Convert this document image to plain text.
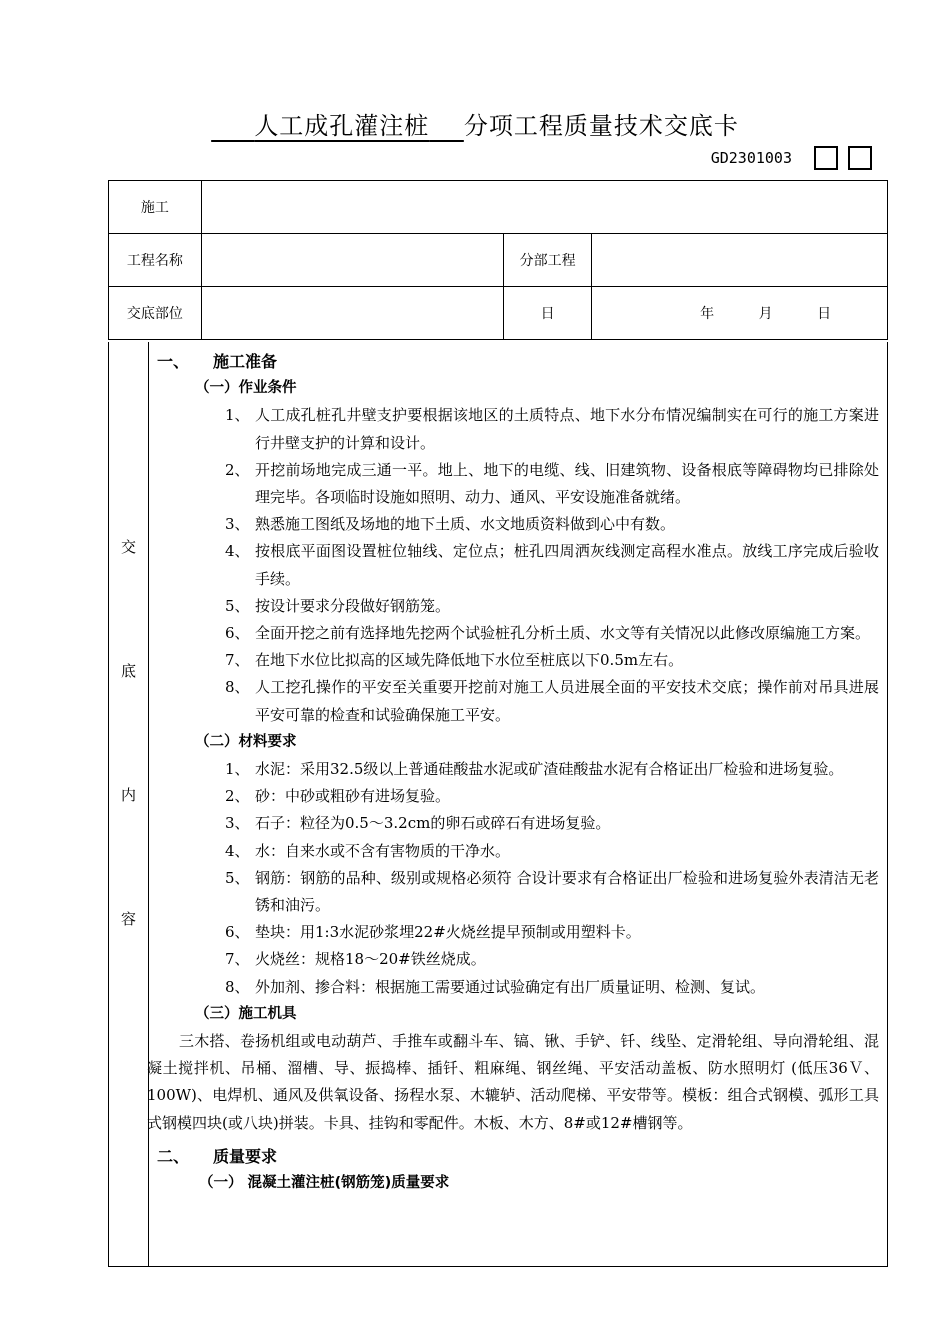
人工成孔灌注桩 分项工程质量技术交底卡
GD2301003
施工			
工程名称		分部工程	
交底部位		日	年          月          日
交
底
内
容
一、 施工准备
（一）作业条件
1、 人工成孔桩孔井壁支护要根据该地区的土质特点、地下水分布情况编制实在可行的施工方案进行井壁支护的计算和设计。
2、 开挖前场地完成三通一平。地上、地下的电缆、线、旧建筑物、设备根底等障碍物均已排除处理完毕。各项临时设施如照明、动力、通风、平安设施准备就绪。
3、 熟悉施工图纸及场地的地下土质、水文地质资料做到心中有数。
4、 按根底平面图设置桩位轴线、定位点；桩孔四周洒灰线测定高程水准点。放线工序完成后验收手续。
5、 按设计要求分段做好钢筋笼。
6、 全面开挖之前有选择地先挖两个试验桩孔分析土质、水文等有关情况以此修改原编施工方案。
7、 在地下水位比拟高的区域先降低地下水位至桩底以下0.5m左右。
8、 人工挖孔操作的平安至关重要开挖前对施工人员进展全面的平安技术交底；操作前对吊具进展平安可靠的检查和试验确保施工平安。
（二）材料要求
1、 水泥：采用32.5级以上普通硅酸盐水泥或矿渣硅酸盐水泥有合格证出厂检验和进场复验。
2、 砂：中砂或粗砂有进场复验。
3、 石子：粒径为0.5～3.2cm的卵石或碎石有进场复验。
4、 水：自来水或不含有害物质的干净水。
5、 钢筋：钢筋的品种、级别或规格必须符 合设计要求有合格证出厂检验和进场复验外表清洁无老锈和油污。
6、 垫块：用1:3水泥砂浆埋22#火烧丝提早预制或用塑料卡。
7、 火烧丝：规格18～20#铁丝烧成。
8、 外加剂、掺合料：根据施工需要通过试验确定有出厂质量证明、检测、复试。
（三）施工机具
三木搭、卷扬机组或电动葫芦、手推车或翻斗车、镐、锹、手铲、钎、线坠、定滑轮组、导向滑轮组、混凝土搅拌机、吊桶、溜槽、导、振捣棒、插钎、粗麻绳、钢丝绳、平安活动盖板、防水照明灯 (低压36Ｖ、100W)、电焊机、通风及供氧设备、扬程水泵、木辘轳、活动爬梯、平安带等。模板：组合式钢模、弧形工具式钢模四块(或八块)拼装。卡具、挂钩和零配件。木板、木方、8#或12#槽钢等。
二、 质量要求
（一） 混凝土灌注桩(钢筋笼)质量要求
